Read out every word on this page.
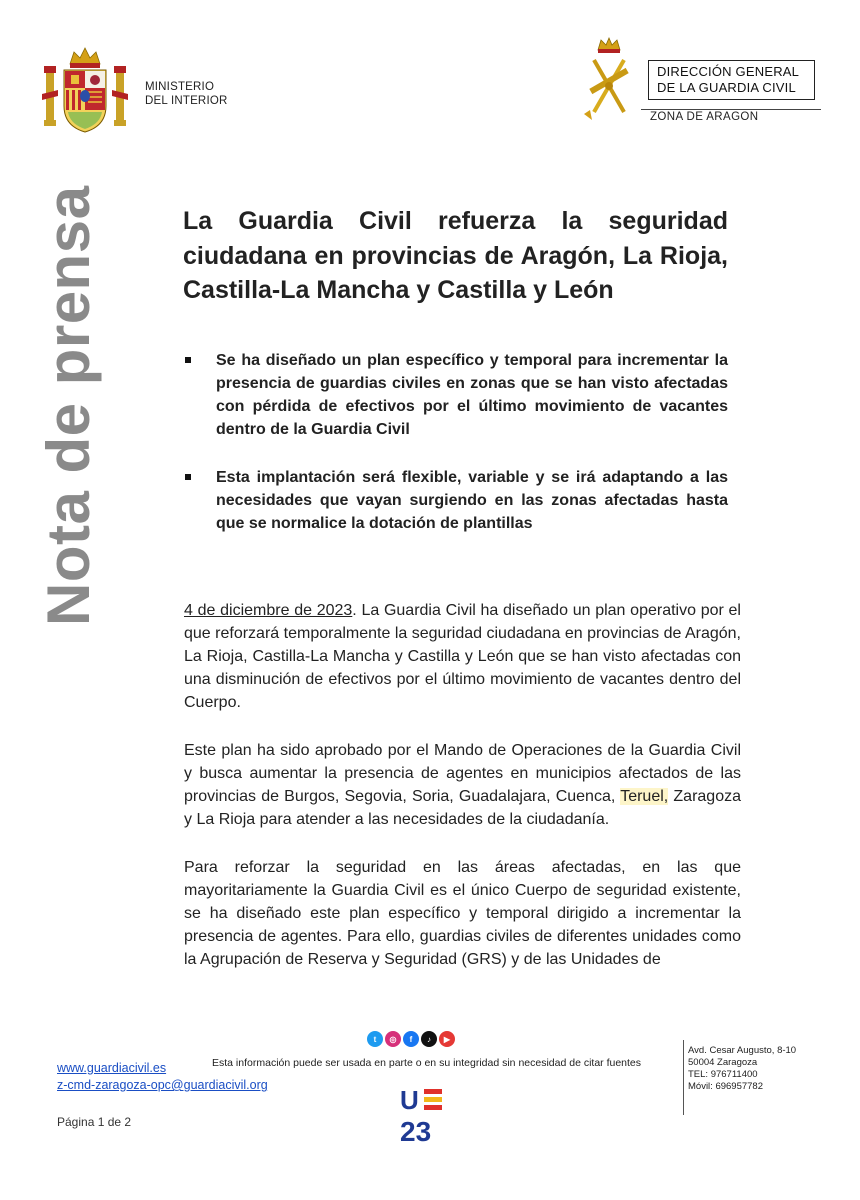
MINISTERIO
DEL INTERIOR
DIRECCIÓN GENERAL
DE LA GUARDIA CIVIL
ZONA DE ARAGON
Nota de prensa	La Guardia Civil refuerza la seguridad ciudadana en provincias de Aragón, La Rioja, Castilla-La Mancha y Castilla y León
Se ha diseñado un plan específico y temporal para incrementar la presencia de guardias civiles en zonas que se han visto afectadas con pérdida de efectivos por el último movimiento de vacantes dentro de la Guardia Civil
Esta implantación será flexible, variable y se irá adaptando a las necesidades que vayan surgiendo en las zonas afectadas hasta que se normalice la dotación de plantillas

4 de diciembre de 2023. La Guardia Civil ha diseñado un plan operativo por el que reforzará temporalmente la seguridad ciudadana en provincias de Aragón, La Rioja, Castilla-La Mancha y Castilla y León que se han visto afectadas con una disminución de efectivos por el último movimiento de vacantes dentro del Cuerpo.

Este plan ha sido aprobado por el Mando de Operaciones de la Guardia Civil y busca aumentar la presencia de agentes en municipios afectados de las provincias de Burgos, Segovia, Soria, Guadalajara, Cuenca, Teruel, Zaragoza y La Rioja para atender a las necesidades de la ciudadanía.

Para reforzar la seguridad en las áreas afectadas, en las que mayoritariamente la Guardia Civil es el único Cuerpo de seguridad existente, se ha diseñado este plan específico y temporal dirigido a incrementar la presencia de agentes. Para ello, guardias civiles de diferentes unidades como la Agrupación de Reserva y Seguridad (GRS) y de las Unidades de

t	◎	f	♪	▶
Esta información puede ser usada en parte o en su integridad sin necesidad de citar fuentes
www.guardiacivil.es
z-cmd-zaragoza-opc@guardiacivil.org
Avd. Cesar Augusto, 8-10
50004 Zaragoza
TEL: 976711400
Móvil: 696957782
Página 1 de 2
U
23
